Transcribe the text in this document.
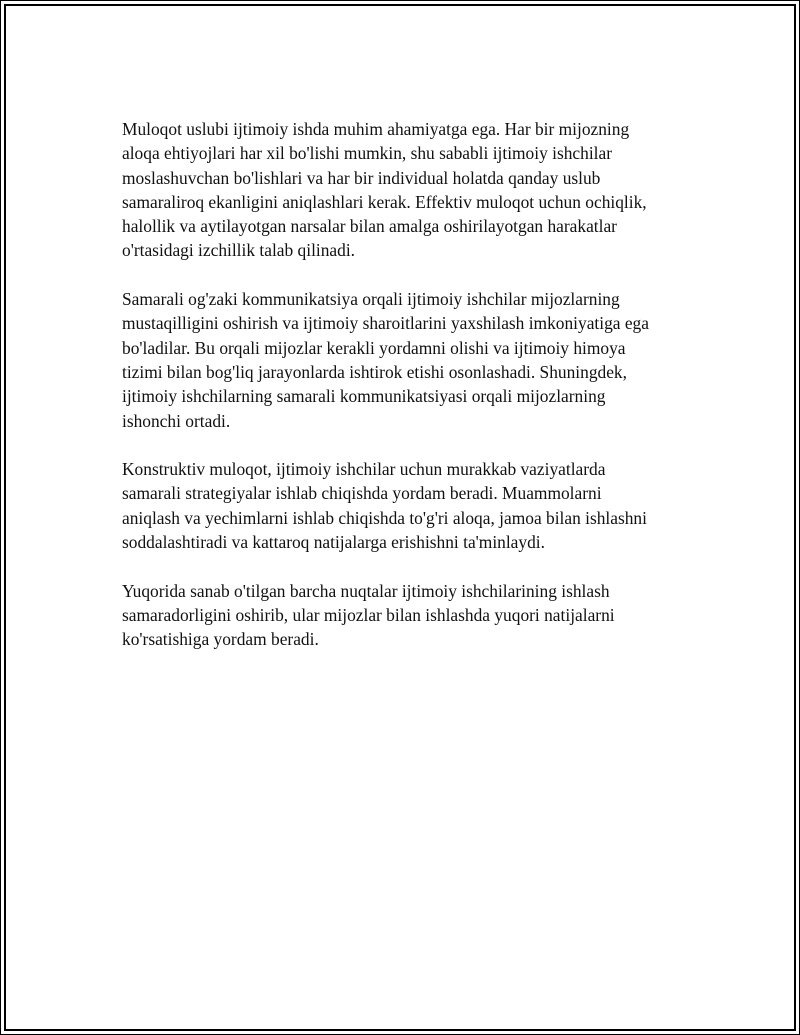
Muloqot uslubi ijtimoiy ishda muhim ahamiyatga ega. Har bir mijozning
aloqa ehtiyojlari har xil bo'lishi mumkin, shu sababli ijtimoiy ishchilar
moslashuvchan bo'lishlari va har bir individual holatda qanday uslub
samaraliroq ekanligini aniqlashlari kerak. Effektiv muloqot uchun ochiqlik,
halollik va aytilayotgan narsalar bilan amalga oshirilayotgan harakatlar
o'rtasidagi izchillik talab qilinadi.

Samarali og'zaki kommunikatsiya orqali ijtimoiy ishchilar mijozlarning
mustaqilligini oshirish va ijtimoiy sharoitlarini yaxshilash imkoniyatiga ega
bo'ladilar. Bu orqali mijozlar kerakli yordamni olishi va ijtimoiy himoya
tizimi bilan bog'liq jarayonlarda ishtirok etishi osonlashadi. Shuningdek,
ijtimoiy ishchilarning samarali kommunikatsiyasi orqali mijozlarning
ishonchi ortadi.

Konstruktiv muloqot, ijtimoiy ishchilar uchun murakkab vaziyatlarda
samarali strategiyalar ishlab chiqishda yordam beradi. Muammolarni
aniqlash va yechimlarni ishlab chiqishda to'g'ri aloqa, jamoa bilan ishlashni
soddalashtiradi va kattaroq natijalarga erishishni ta'minlaydi.

Yuqorida sanab o'tilgan barcha nuqtalar ijtimoiy ishchilarining ishlash
samaradorligini oshirib, ular mijozlar bilan ishlashda yuqori natijalarni
ko'rsatishiga yordam beradi.
